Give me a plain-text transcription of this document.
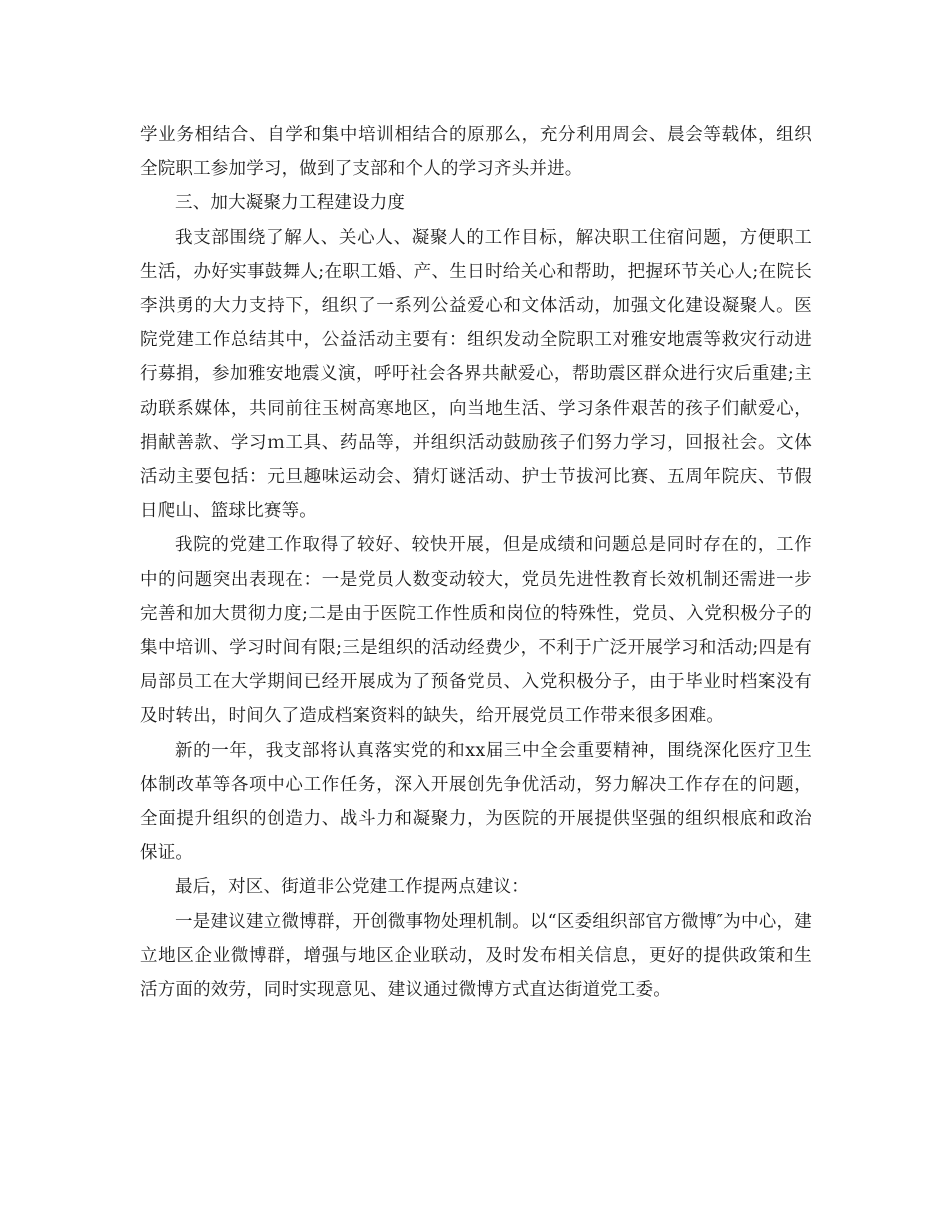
学业务相结合、自学和集中培训相结合的原那么，充分利用周会、晨会等载体，组织全院职工参加学习，做到了支部和个人的学习齐头并进。

三、加大凝聚力工程建设力度

我支部围绕了解人、关心人、凝聚人的工作目标，解决职工住宿问题，方便职工生活，办好实事鼓舞人;在职工婚、产、生日时给关心和帮助，把握环节关心人;在院长李洪勇的大力支持下，组织了一系列公益爱心和文体活动，加强文化建设凝聚人。医院党建工作总结其中，公益活动主要有：组织发动全院职工对雅安地震等救灾行动进行募捐，参加雅安地震义演，呼吁社会各界共献爱心，帮助震区群众进行灾后重建;主动联系媒体，共同前往玉树高寒地区，向当地生活、学习条件艰苦的孩子们献爱心，捐献善款、学习ｍ工具、药品等，并组织活动鼓励孩子们努力学习，回报社会。文体活动主要包括：元旦趣味运动会、猜灯谜活动、护士节拔河比赛、五周年院庆、节假日爬山、篮球比赛等。

我院的党建工作取得了较好、较快开展，但是成绩和问题总是同时存在的，工作中的问题突出表现在：一是党员人数变动较大，党员先进性教育长效机制还需进一步完善和加大贯彻力度;二是由于医院工作性质和岗位的特殊性，党员、入党积极分子的集中培训、学习时间有限;三是组织的活动经费少，不利于广泛开展学习和活动;四是有局部员工在大学期间已经开展成为了预备党员、入党积极分子，由于毕业时档案没有及时转出，时间久了造成档案资料的缺失，给开展党员工作带来很多困难。

新的一年，我支部将认真落实党的和xx届三中全会重要精神，围绕深化医疗卫生体制改革等各项中心工作任务，深入开展创先争优活动，努力解决工作存在的问题，全面提升组织的创造力、战斗力和凝聚力，为医院的开展提供坚强的组织根底和政治保证。

最后，对区、街道非公党建工作提两点建议：

一是建议建立微博群，开创微事物处理机制。以“区委组织部官方微博″为中心，建立地区企业微博群，增强与地区企业联动，及时发布相关信息，更好的提供政策和生活方面的效劳，同时实现意见、建议通过微博方式直达街道党工委。
